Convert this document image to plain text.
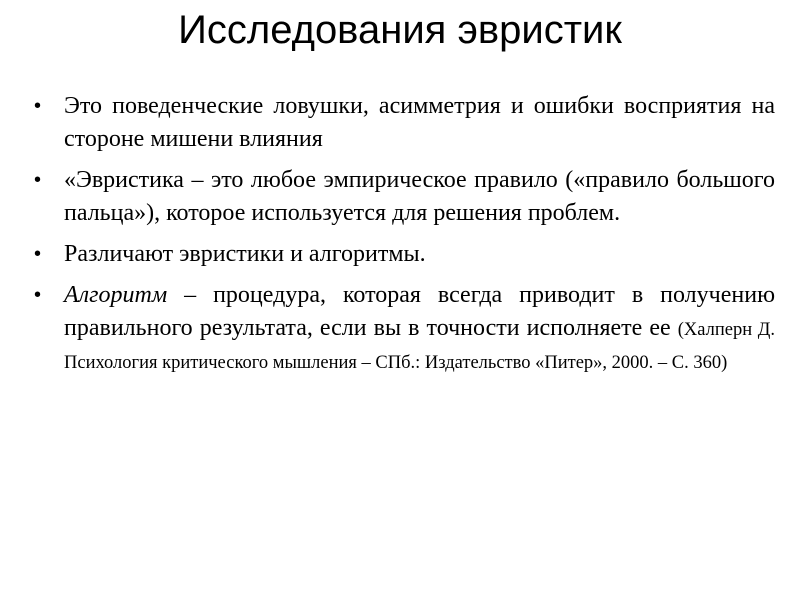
Исследования эвристик
• Это поведенческие ловушки, асимметрия и ошибки восприятия на стороне мишени влияния
• «Эвристика – это любое эмпирическое правило («правило большого пальца»), которое используется для решения проблем.
• Различают эвристики и алгоритмы.
• Алгоритм – процедура, которая всегда приводит в получению правильного результата, если вы в точности исполняете ее (Халперн Д. Психология критического мышления – СПб.: Издательство «Питер», 2000. – С. 360)
